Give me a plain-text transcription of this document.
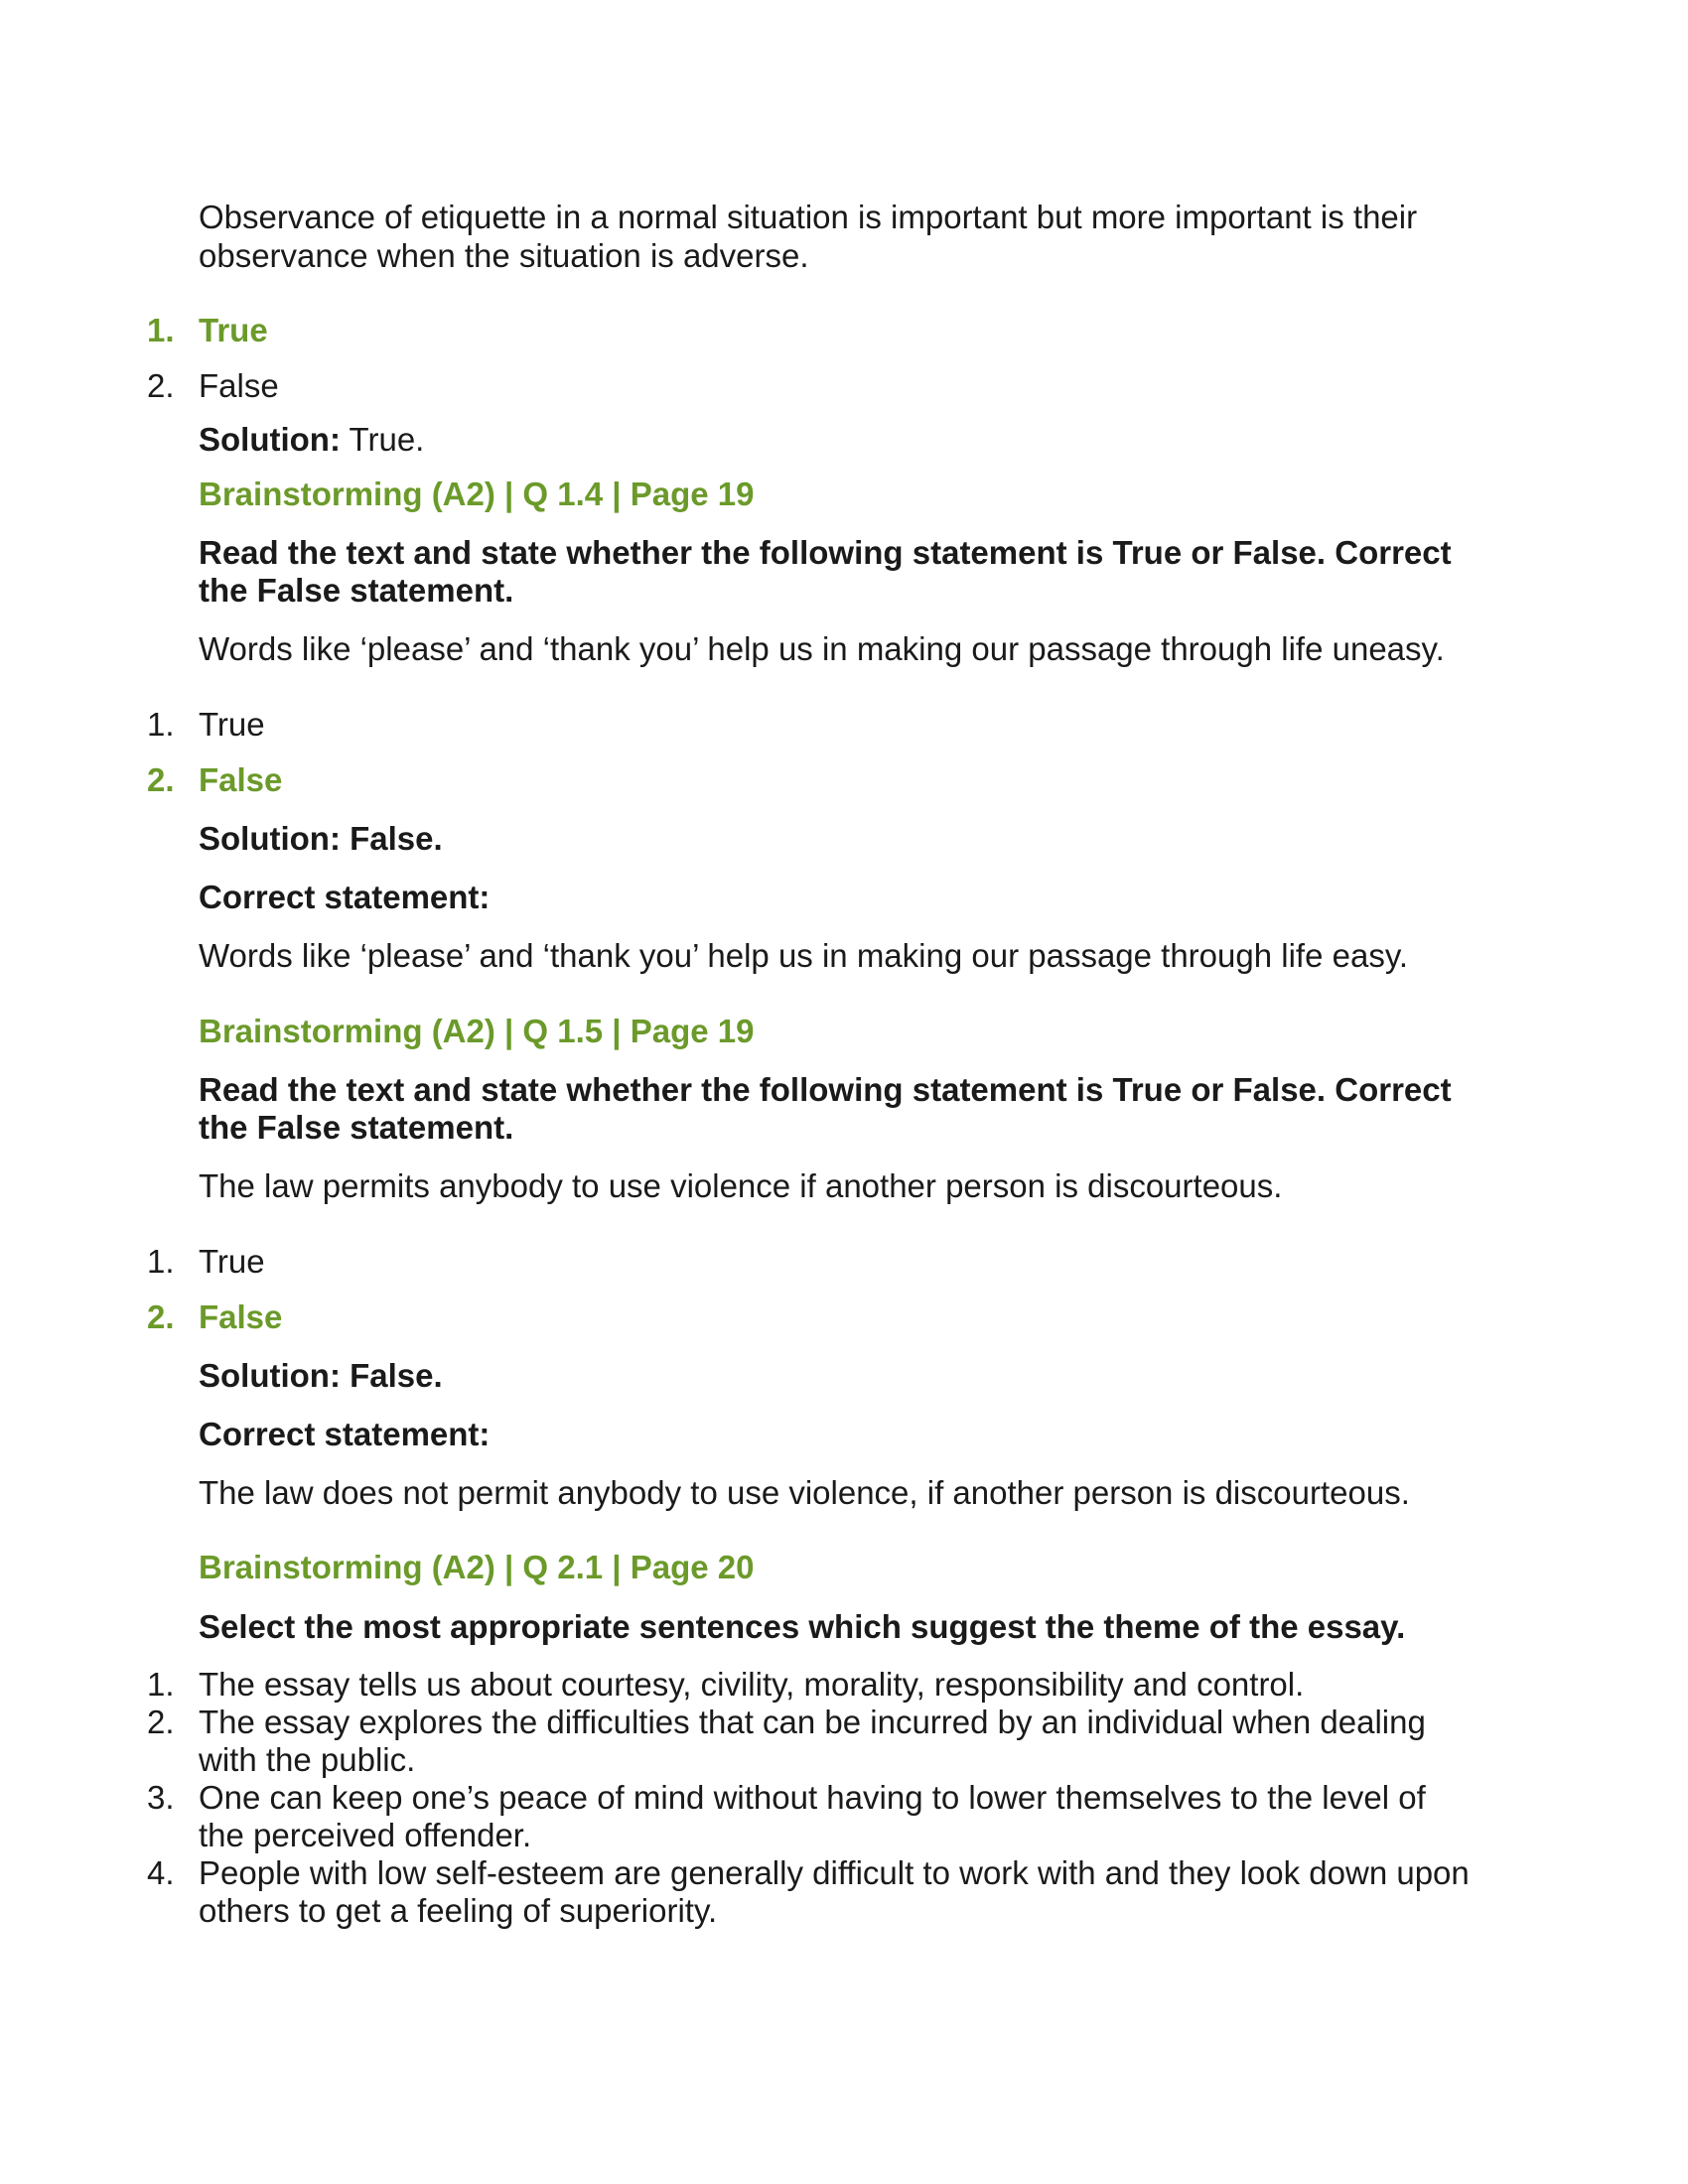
Observance of etiquette in a normal situation is important but more important is their
observance when the situation is adverse.
1. True
2. False
Solution: True.
Brainstorming (A2) | Q 1.4 | Page 19
Read the text and state whether the following statement is True or False. Correct
the False statement.
Words like ‘please’ and ‘thank you’ help us in making our passage through life uneasy.
1. True
2. False
Solution: False.
Correct statement:
Words like ‘please’ and ‘thank you’ help us in making our passage through life easy.
Brainstorming (A2) | Q 1.5 | Page 19
Read the text and state whether the following statement is True or False. Correct
the False statement.
The law permits anybody to use violence if another person is discourteous.
1. True
2. False
Solution: False.
Correct statement:
The law does not permit anybody to use violence, if another person is discourteous.
Brainstorming (A2) | Q 2.1 | Page 20
Select the most appropriate sentences which suggest the theme of the essay.
1. The essay tells us about courtesy, civility, morality, responsibility and control.
2. The essay explores the difficulties that can be incurred by an individual when dealing
with the public.
3. One can keep one’s peace of mind without having to lower themselves to the level of
the perceived offender.
4. People with low self-esteem are generally difficult to work with and they look down upon
others to get a feeling of superiority.
